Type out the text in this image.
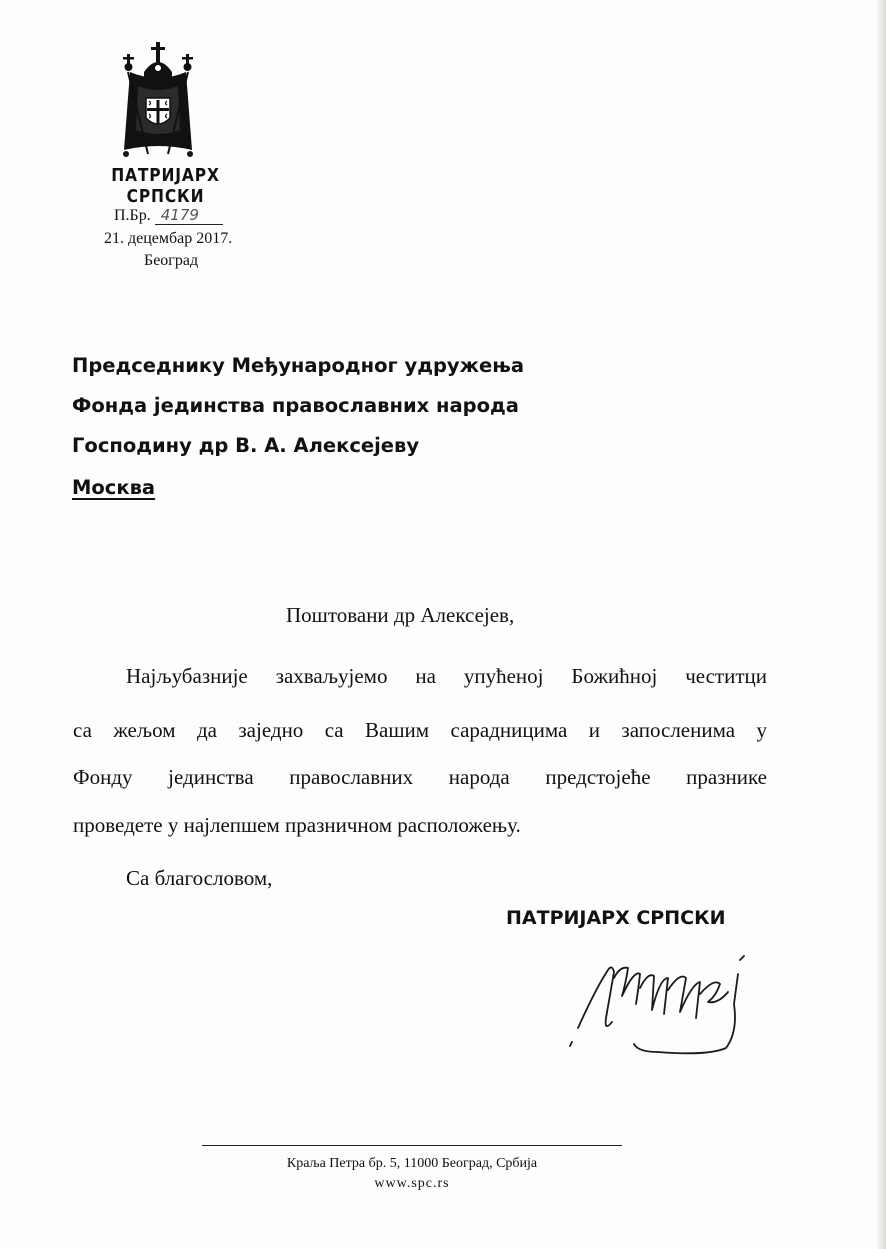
ПАТРИЈАРХ СРПСКИ
П.Бр. 4179
21. децембар 2017.
Београд
Председнику Међународног удружења
Фонда јединства православних народа
Господину др В. А. Алексејеву
Москва
Поштовани др Алексејев,
Најљубазније захваљујемо на упућеној Божићној честитци
са жељом да заједно са Вашим сарадницима и запосленима у
Фонду јединства православних народа предстојеће празнике
проведете у најлепшем празничном расположењу.
Са благословом,
ПАТРИЈАРХ СРПСКИ
Краља Петра бр. 5, 11000 Београд, Србија
www.spc.rs
